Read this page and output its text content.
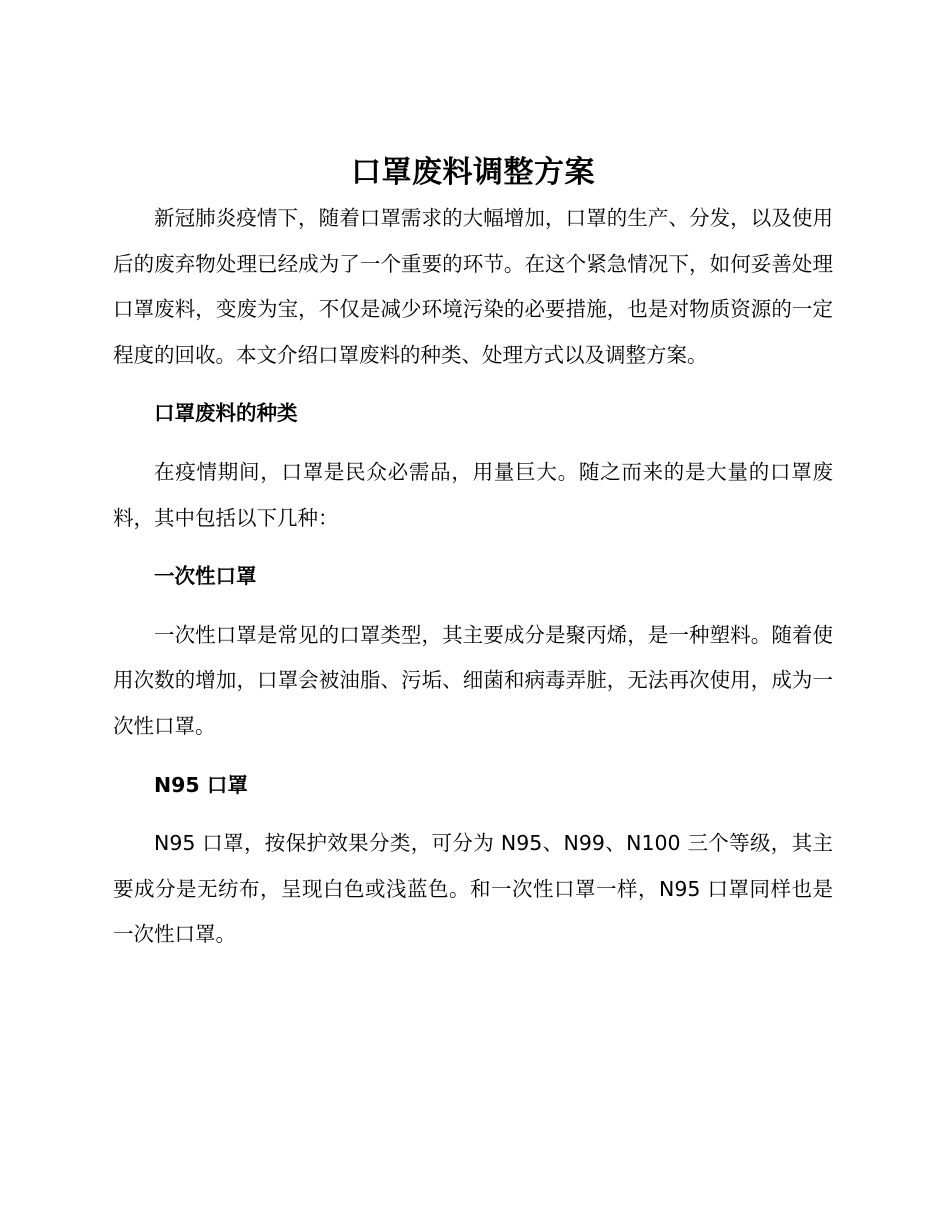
口罩废料调整方案

新冠肺炎疫情下，随着口罩需求的大幅增加，口罩的生产、分发，以及使用后的废弃物处理已经成为了一个重要的环节。在这个紧急情况下，如何妥善处理口罩废料，变废为宝，不仅是减少环境污染的必要措施，也是对物质资源的一定程度的回收。本文介绍口罩废料的种类、处理方式以及调整方案。

口罩废料的种类

在疫情期间，口罩是民众必需品，用量巨大。随之而来的是大量的口罩废料，其中包括以下几种：

一次性口罩

一次性口罩是常见的口罩类型，其主要成分是聚丙烯，是一种塑料。随着使用次数的增加，口罩会被油脂、污垢、细菌和病毒弄脏，无法再次使用，成为一次性口罩。

N95 口罩

N95 口罩，按保护效果分类，可分为 N95、N99、N100 三个等级，其主要成分是无纺布，呈现白色或浅蓝色。和一次性口罩一样，N95 口罩同样也是一次性口罩。
